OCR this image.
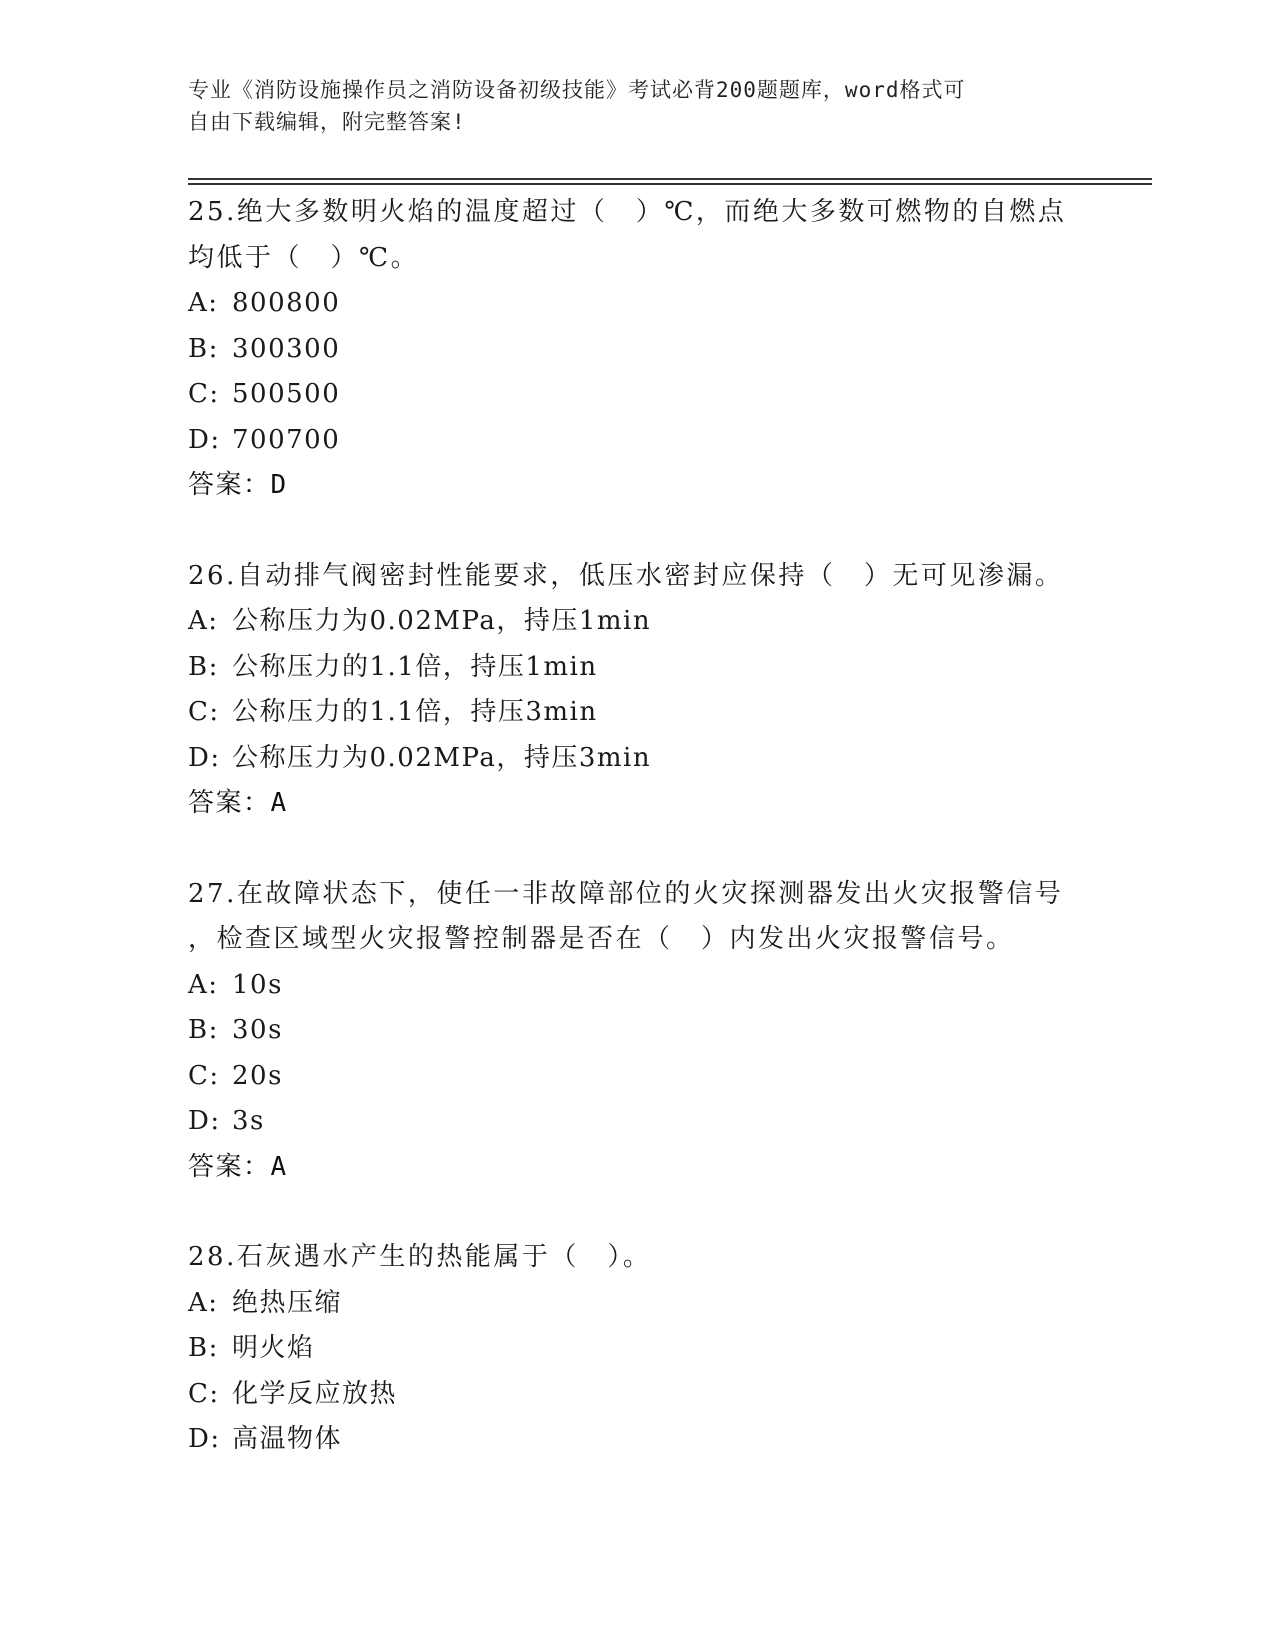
专业《消防设施操作员之消防设备初级技能》考试必背200题题库，word格式可
自由下载编辑，附完整答案!
25.绝大多数明火焰的温度超过（　）℃，而绝大多数可燃物的自燃点
均低于（　）℃。
A: 800800
B: 300300
C: 500500
D: 700700
答案：D
26.自动排气阀密封性能要求，低压水密封应保持（　）无可见渗漏。
A: 公称压力为0.02MPa，持压1min
B: 公称压力的1.1倍，持压1min
C: 公称压力的1.1倍，持压3min
D: 公称压力为0.02MPa，持压3min
答案：A
27.在故障状态下，使任一非故障部位的火灾探测器发出火灾报警信号
，检查区域型火灾报警控制器是否在（　）内发出火灾报警信号。
A: 10s
B: 30s
C: 20s
D: 3s
答案：A
28.石灰遇水产生的热能属于（　）。
A: 绝热压缩
B: 明火焰
C: 化学反应放热
D: 高温物体
